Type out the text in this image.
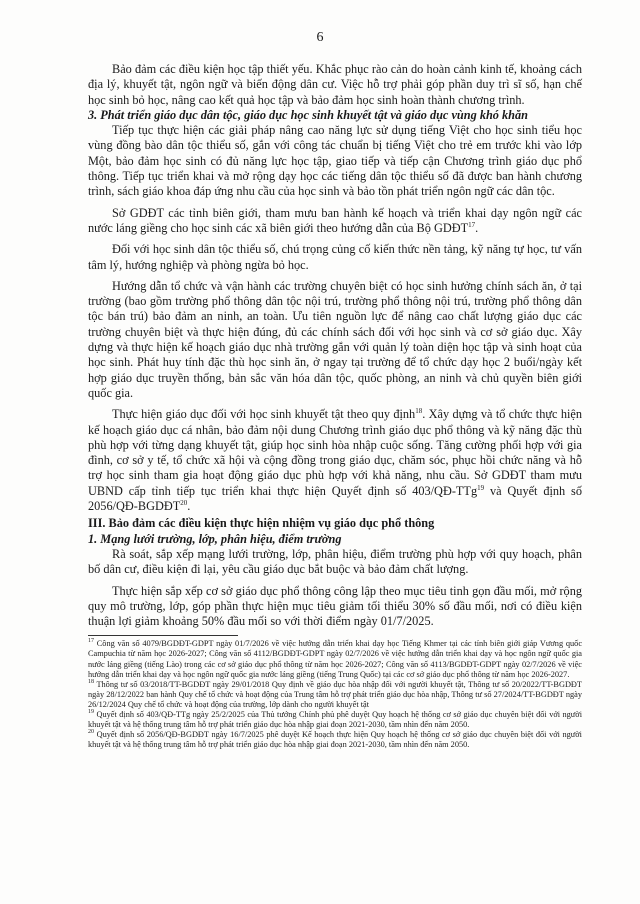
6

Bảo đảm các điều kiện học tập thiết yếu. Khắc phục rào cản do hoàn cảnh kinh tế, khoảng cách địa lý, khuyết tật, ngôn ngữ và biến động dân cư. Việc hỗ trợ phải góp phần duy trì sĩ số, hạn chế học sinh bỏ học, nâng cao kết quả học tập và bảo đảm học sinh hoàn thành chương trình.

3. Phát triển giáo dục dân tộc, giáo dục học sinh khuyết tật và giáo dục vùng khó khăn

Tiếp tục thực hiện các giải pháp nâng cao năng lực sử dụng tiếng Việt cho học sinh tiểu học vùng đồng bào dân tộc thiểu số, gắn với công tác chuẩn bị tiếng Việt cho trẻ em trước khi vào lớp Một, bảo đảm học sinh có đủ năng lực học tập, giao tiếp và tiếp cận Chương trình giáo dục phổ thông. Tiếp tục triển khai và mở rộng dạy học các tiếng dân tộc thiểu số đã được ban hành chương trình, sách giáo khoa đáp ứng nhu cầu của học sinh và bảo tồn phát triển ngôn ngữ các dân tộc.

Sở GDĐT các tỉnh biên giới, tham mưu ban hành kế hoạch và triển khai dạy ngôn ngữ các nước láng giềng cho học sinh các xã biên giới theo hướng dẫn của Bộ GDĐT$^{17}$.

Đối với học sinh dân tộc thiểu số, chú trọng củng cố kiến thức nền tảng, kỹ năng tự học, tư vấn tâm lý, hướng nghiệp và phòng ngừa bỏ học.

Hướng dẫn tổ chức và vận hành các trường chuyên biệt có học sinh hưởng chính sách ăn, ở tại trường (bao gồm trường phổ thông dân tộc nội trú, trường phổ thông nội trú, trường phổ thông dân tộc bán trú) bảo đảm an ninh, an toàn. Ưu tiên nguồn lực để nâng cao chất lượng giáo dục các trường chuyên biệt và thực hiện đúng, đủ các chính sách đối với học sinh và cơ sở giáo dục. Xây dựng và thực hiện kế hoạch giáo dục nhà trường gắn với quản lý toàn diện học tập và sinh hoạt của học sinh. Phát huy tính đặc thù học sinh ăn, ở ngay tại trường để tổ chức dạy học 2 buổi/ngày kết hợp giáo dục truyền thống, bản sắc văn hóa dân tộc, quốc phòng, an ninh và chủ quyền biên giới quốc gia.

Thực hiện giáo dục đối với học sinh khuyết tật theo quy định$^{18}$. Xây dựng và tổ chức thực hiện kế hoạch giáo dục cá nhân, bảo đảm nội dung Chương trình giáo dục phổ thông và kỹ năng đặc thù phù hợp với từng dạng khuyết tật, giúp học sinh hòa nhập cuộc sống. Tăng cường phối hợp với gia đình, cơ sở y tế, tổ chức xã hội và cộng đồng trong giáo dục, chăm sóc, phục hồi chức năng và hỗ trợ học sinh tham gia hoạt động giáo dục phù hợp với khả năng, nhu cầu. Sở GDĐT tham mưu UBND cấp tỉnh tiếp tục triển khai thực hiện Quyết định số 403/QĐ-TTg$^{19}$ và Quyết định số 2056/QĐ-BGDĐT$^{20}$.

III. Bảo đảm các điều kiện thực hiện nhiệm vụ giáo dục phổ thông
1. Mạng lưới trường, lớp, phân hiệu, điểm trường

Rà soát, sắp xếp mạng lưới trường, lớp, phân hiệu, điểm trường phù hợp với quy hoạch, phân bố dân cư, điều kiện đi lại, yêu cầu giáo dục bắt buộc và bảo đảm chất lượng.

Thực hiện sắp xếp cơ sở giáo dục phổ thông công lập theo mục tiêu tinh gọn đầu mối, mở rộng quy mô trường, lớp, góp phần thực hiện mục tiêu giảm tối thiểu 30% số đầu mối, nơi có điều kiện thuận lợi giảm khoảng 50% đầu mối so với thời điểm ngày 01/7/2025.

$^{17}$ Công văn số 4079/BGDĐT-GDPT ngày 01/7/2026 về việc hướng dẫn triển khai dạy học Tiếng Khmer tại các tỉnh biên giới giáp Vương quốc Campuchia từ năm học 2026-2027; Công văn số 4112/BGDĐT-GDPT ngày 02/7/2026 về việc hướng dẫn triển khai dạy và học ngôn ngữ quốc gia nước láng giềng (tiếng Lào) trong các cơ sở giáo dục phổ thông từ năm học 2026-2027; Công văn số 4113/BGDĐT-GDPT ngày 02/7/2026 về việc hướng dẫn triển khai dạy và học ngôn ngữ quốc gia nước láng giềng (tiếng Trung Quốc) tại các cơ sở giáo dục phổ thông từ năm học 2026-2027.

$^{18}$ Thông tư số 03/2018/TT-BGDĐT ngày 29/01/2018 Quy định về giáo dục hòa nhập đối với người khuyết tật, Thông tư số 20/2022/TT-BGDĐT ngày 28/12/2022 ban hành Quy chế tổ chức và hoạt động của Trung tâm hỗ trợ phát triển giáo dục hòa nhập, Thông tư số 27/2024/TT-BGDĐT ngày 26/12/2024 Quy chế tổ chức và hoạt động của trường, lớp dành cho người khuyết tật

$^{19}$ Quyết định số 403/QĐ-TTg ngày 25/2/2025 của Thủ tướng Chính phủ phê duyệt Quy hoạch hệ thống cơ sở giáo dục chuyên biệt đối với người khuyết tật và hệ thống trung tâm hỗ trợ phát triển giáo dục hòa nhập giai đoạn 2021-2030, tầm nhìn đến năm 2050.

$^{20}$ Quyết định số 2056/QĐ-BGDĐT ngày 16/7/2025 phê duyệt Kế hoạch thực hiện Quy hoạch hệ thống cơ sở giáo dục chuyên biệt đối với người khuyết tật và hệ thống trung tâm hỗ trợ phát triển giáo dục hòa nhập giai đoạn 2021-2030, tầm nhìn đến năm 2050.
